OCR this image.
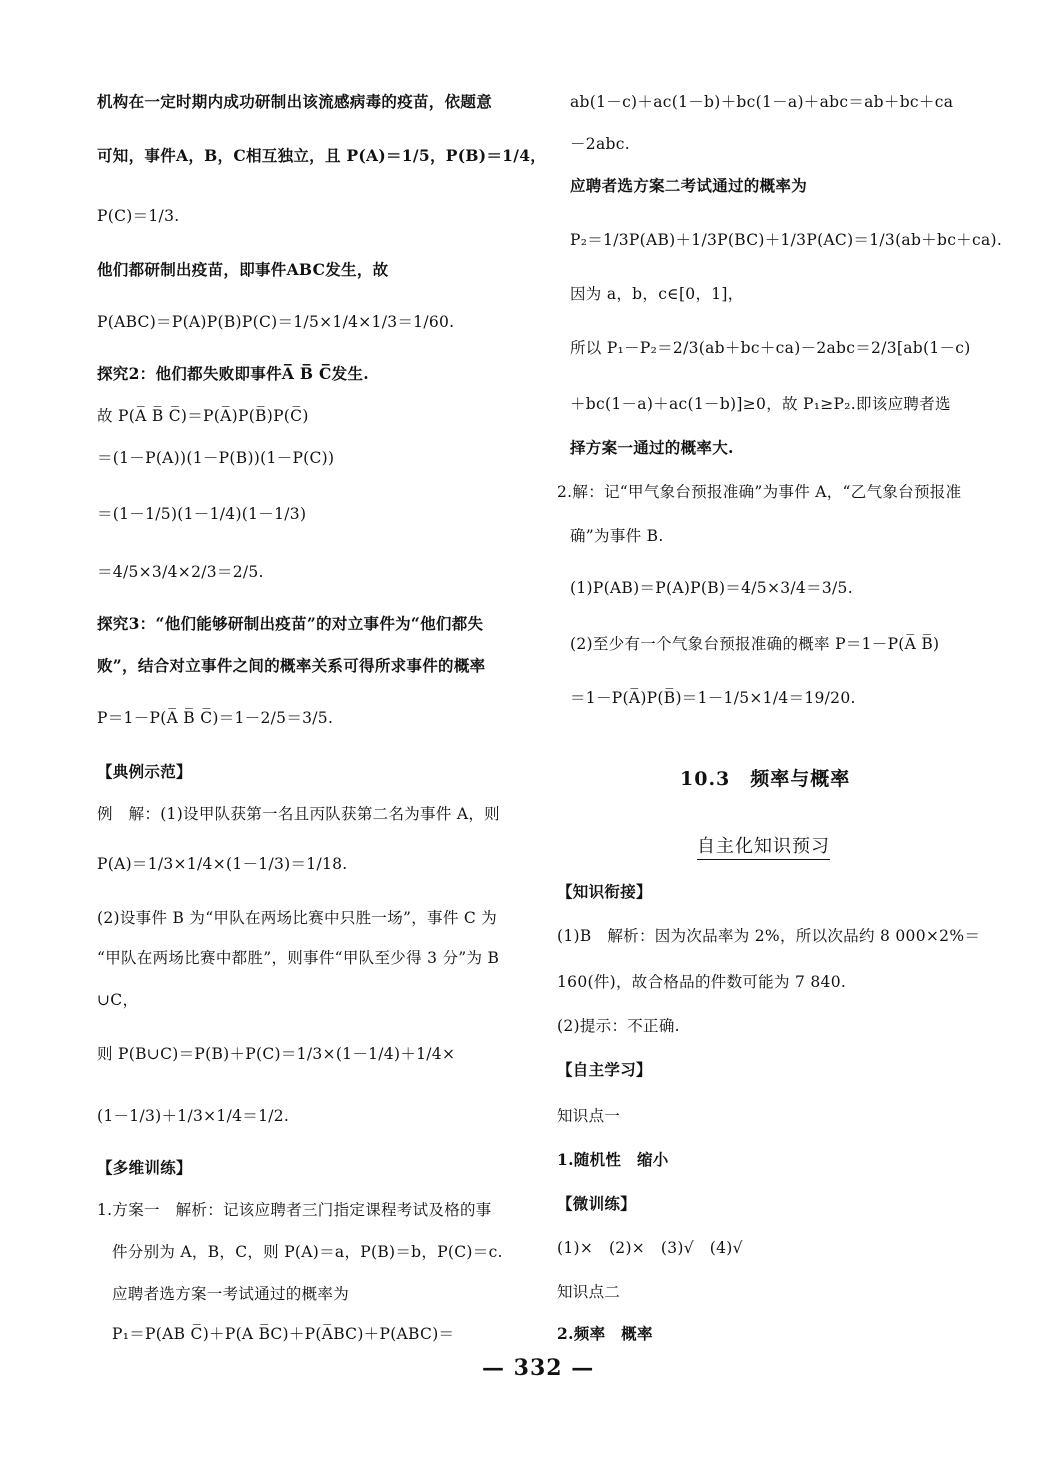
机构在一定时期内成功研制出该流感病毒的疫苗，依题意
可知，事件A，B，C相互独立，且 P(A)＝1/5，P(B)＝1/4，
P(C)＝1/3.
他们都研制出疫苗，即事件ABC发生，故
P(ABC)＝P(A)P(B)P(C)＝1/5×1/4×1/3＝1/60.
探究2：他们都失败即事件A̅ B̅ C̅发生.
故 P(A̅ B̅ C̅)＝P(A̅)P(B̅)P(C̅)
＝(1－P(A))(1－P(B))(1－P(C))
＝(1－1/5)(1－1/4)(1－1/3)
＝4/5×3/4×2/3＝2/5.
探究3：“他们能够研制出疫苗”的对立事件为“他们都失
败”，结合对立事件之间的概率关系可得所求事件的概率
P＝1－P(A̅ B̅ C̅)＝1－2/5＝3/5.
【典例示范】
例　解：(1)设甲队获第一名且丙队获第二名为事件 A，则
P(A)＝1/3×1/4×(1－1/3)＝1/18.
(2)设事件 B 为“甲队在两场比赛中只胜一场”，事件 C 为
“甲队在两场比赛中都胜”，则事件“甲队至少得 3 分”为 B
∪C，
则 P(B∪C)＝P(B)＋P(C)＝1/3×(1－1/4)＋1/4×
(1－1/3)＋1/3×1/4＝1/2.
【多维训练】
1.方案一　解析：记该应聘者三门指定课程考试及格的事
件分别为 A，B，C，则 P(A)＝a，P(B)＝b，P(C)＝c.
应聘者选方案一考试通过的概率为
P₁＝P(AB C̅)＋P(A B̅C)＋P(A̅BC)＋P(ABC)＝
ab(1－c)＋ac(1－b)＋bc(1－a)＋abc＝ab＋bc＋ca
－2abc.
应聘者选方案二考试通过的概率为
P₂＝1/3P(AB)＋1/3P(BC)＋1/3P(AC)＝1/3(ab＋bc＋ca).
因为 a，b，c∈[0，1]，
所以 P₁－P₂＝2/3(ab＋bc＋ca)－2abc＝2/3[ab(1－c)
＋bc(1－a)＋ac(1－b)]≥0，故 P₁≥P₂.即该应聘者选
择方案一通过的概率大.
2.解：记“甲气象台预报准确”为事件 A，“乙气象台预报准
确”为事件 B.
(1)P(AB)＝P(A)P(B)＝4/5×3/4＝3/5.
(2)至少有一个气象台预报准确的概率 P＝1－P(A̅ B̅)
＝1－P(A̅)P(B̅)＝1－1/5×1/4＝19/20.
10.3　频率与概率
自主化知识预习
【知识衔接】
(1)B　解析：因为次品率为 2%，所以次品约 8 000×2%＝
160(件)，故合格品的件数可能为 7 840.
(2)提示：不正确.
【自主学习】
知识点一
1.随机性　缩小
【微训练】
(1)×　(2)×　(3)√　(4)√
知识点二
2.频率　概率
— 332 —
